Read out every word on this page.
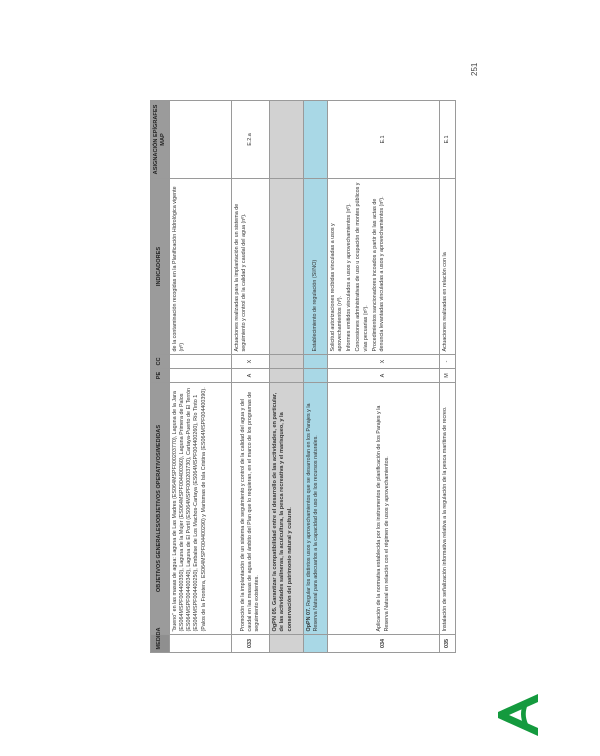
251
MEDIDA	OBJETIVOS GENERALES/OBJETIVOS OPERATIVOS/MEDIDAS	PE	CC	INDICADORES	ASIGNACIÓN EPÍGRAFES MAP
	“bueno” en las masas de agua: Laguna de Las Madres (ES064MSPF000203770), Laguna de la Jara (ES064MSPF004400350), Laguna de la Mujer (ES064MSPF004400360), Laguna Primera de Palos (ES064MSPF004400340), Laguna de El Portil (ES064MSPF000203730), Cartaya-Puerto de El Terrón (ES064MSPF004400250), Embalse de Los Machos-Cartaya (ES064MSPF004400260), Río Tinto 1 (Palos de la Frontera, ES064MSPF004400290) y Marismas de Isla Cristina (ES064MSPF004400390).			de la contaminación recogidas en la Planificación Hidrológica vigente (nº)	
033	Promoción de la implantación de un sistema de seguimiento y control de la calidad del agua y del caudal en las masas de agua del ámbito del Plan que lo requieran, en el marco de los programas de seguimiento existentes.	A	X	Actuaciones realizadas para la implantación de un sistema de seguimiento y control de la calidad y caudal del agua (nº).	E.2.a
	OgPN 05. Garantizar la compatibilidad entre el desarrollo de las actividades, en particular, de las actividades salineras, la acuicultura, la pesca recreativa y el marisqueo, y la conservación del patrimonio natural y cultural.				
	OpPN 07. Regular los distintos usos y aprovechamientos que se desarrollan en los Parajes y la Reserva Natural para adecuarlos a la capacidad de uso de los recursos naturales.			Establecimiento de regulación (SI/NO)	
034	Aplicación de la normativa establecida por los instrumentos de planificación de los Parajes y la Reserva Natural en relación con el régimen de usos y aprovechamientos.	A	X	Solicitud autorizaciones recibidas vinculadas a usos y aprovechamientos (nº). Informes emitidos vinculados a usos y aprovechamientos (nº). Concesiones administrativas de uso u ocupación de montes públicos y vías pecuarias (nº). Procedimientos sancionadores incoados a partir de las actas de denuncia levantadas vinculadas a usos y aprovechamientos (nº).	E.1
035	Instalación de señalización informativa relativa a la regulación de la pesca marítima de recreo.	M	-	Actuaciones realizadas en relación con la	E.1
